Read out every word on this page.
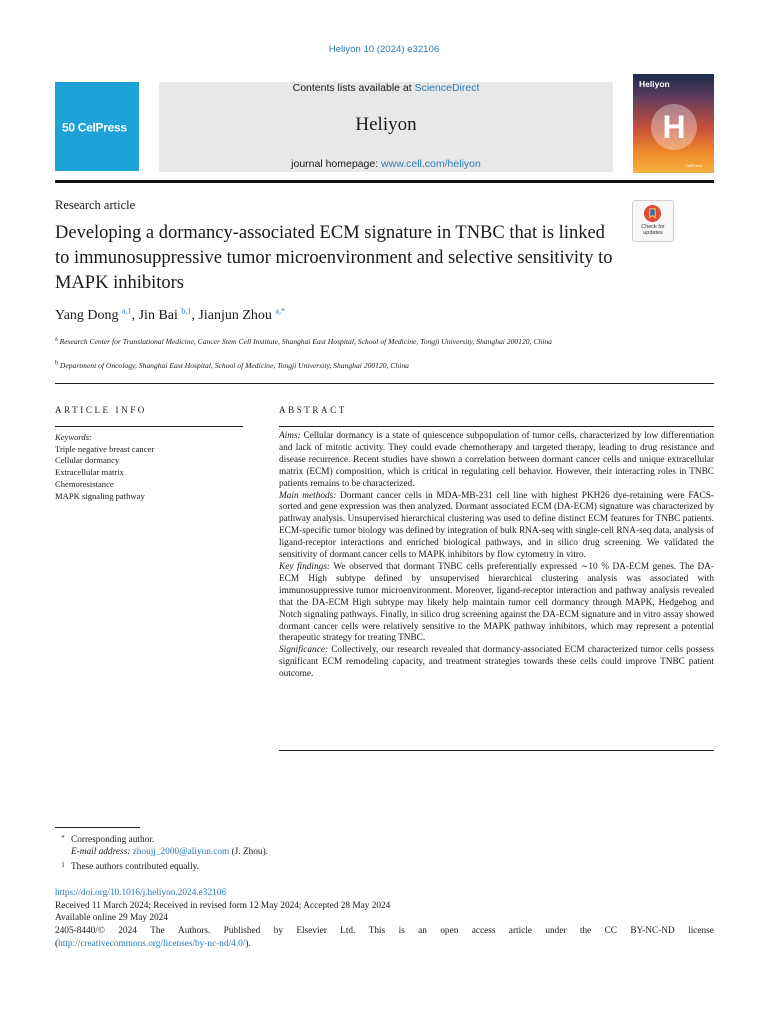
Heliyon 10 (2024) e32106
50 CelPress
Contents lists available at ScienceDirect
Heliyon
journal homepage: www.cell.com/heliyon
Heliyon
H
CellPress
Research article
Developing a dormancy-associated ECM signature in TNBC that is linked to immunosuppressive tumor microenvironment and selective sensitivity to MAPK inhibitors
Check for
updates
Yang Dong $^{a,1}$, Jin Bai $^{b,1}$, Jianjun Zhou $^{a,*}$
$^a$ Research Center for Translational Medicine, Cancer Stem Cell Institute, Shanghai East Hospital, School of Medicine, Tongji University, Shanghai 200120, China
$^b$ Department of Oncology, Shanghai East Hospital, School of Medicine, Tongji University, Shanghai 200120, China
ARTICLE INFO	ABSTRACT
Keywords:
Triple negative breast cancer
Cellular dormancy
Extracellular matrix
Chemoresistance
MAPK signaling pathway

Aims: Cellular dormancy is a state of quiescence subpopulation of tumor cells, characterized by low differentiation and lack of mitotic activity. They could evade chemotherapy and targeted therapy, leading to drug resistance and disease recurrence. Recent studies have shown a correlation between dormant cancer cells and unique extracellular matrix (ECM) composition, which is critical in regulating cell behavior. However, their interacting roles in TNBC patients remains to be characterized.

Main methods: Dormant cancer cells in MDA-MB-231 cell line with highest PKH26 dye-retaining were FACS-sorted and gene expression was then analyzed. Dormant associated ECM (DA-ECM) signature was characterized by pathway analysis. Unsupervised hierarchical clustering was used to define distinct ECM features for TNBC patients. ECM-specific tumor biology was defined by integration of bulk RNA-seq with single-cell RNA-seq data, analysis of ligand-receptor interactions and enriched biological pathways, and in silico drug screening. We validated the sensitivity of dormant cancer cells to MAPK inhibitors by flow cytometry in vitro.

Key findings: We observed that dormant TNBC cells preferentially expressed ∼10 % DA-ECM genes. The DA-ECM High subtype defined by unsupervised hierarchical clustering analysis was associated with immunosuppressive tumor microenvironment. Moreover, ligand-receptor interaction and pathway analysis revealed that the DA-ECM High subtype may likely help maintain tumor cell dormancy through MAPK, Hedgehog and Notch signaling pathways. Finally, in silico drug screening against the DA-ECM signature and in vitro assay showed dormant cancer cells were relatively sensitive to the MAPK pathway inhibitors, which may represent a potential therapeutic strategy for treating TNBC.

Significance: Collectively, our research revealed that dormancy-associated ECM characterized tumor cells possess significant ECM remodeling capacity, and treatment strategies towards these cells could improve TNBC patient outcome.

* Corresponding author.
E-mail address: zhoujj_2000@aliyun.com (J. Zhou).
1 These authors contributed equally.
https://doi.org/10.1016/j.heliyon.2024.e32106
Received 11 March 2024; Received in revised form 12 May 2024; Accepted 28 May 2024
Available online 29 May 2024
2405-8440/© 2024 The Authors. Published by Elsevier Ltd. This is an open access article under the CC BY-NC-ND license
(http://creativecommons.org/licenses/by-nc-nd/4.0/).
